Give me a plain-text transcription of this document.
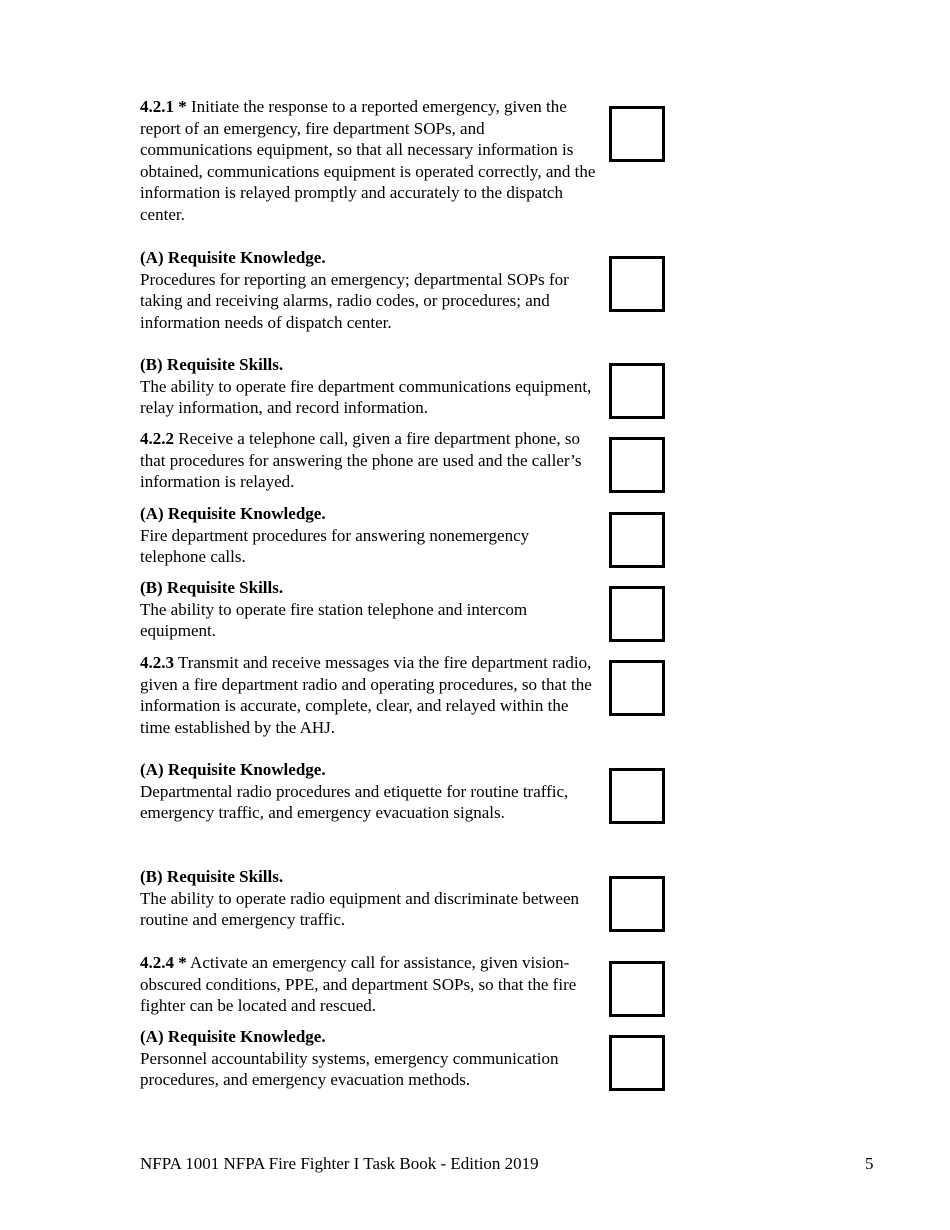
4.2.1 * Initiate the response to a reported emergency, given the report of an emergency, fire department SOPs, and communications equipment, so that all necessary information is obtained, communications equipment is operated correctly, and the information is relayed promptly and accurately to the dispatch center.

(A) Requisite Knowledge.

Procedures for reporting an emergency; departmental SOPs for taking and receiving alarms, radio codes, or procedures; and information needs of dispatch center.

(B) Requisite Skills.

The ability to operate fire department communications equipment, relay information, and record information.

4.2.2 Receive a telephone call, given a fire department phone, so that procedures for answering the phone are used and the caller’s information is relayed.

(A) Requisite Knowledge.

Fire department procedures for answering nonemergency telephone calls.

(B) Requisite Skills.

The ability to operate fire station telephone and intercom equipment.

4.2.3 Transmit and receive messages via the fire department radio, given a fire department radio and operating procedures, so that the information is accurate, complete, clear, and relayed within the time established by the AHJ.

(A) Requisite Knowledge.

Departmental radio procedures and etiquette for routine traffic, emergency traffic, and emergency evacuation signals.

(B) Requisite Skills.

The ability to operate radio equipment and discriminate between routine and emergency traffic.

4.2.4 * Activate an emergency call for assistance, given vision-obscured conditions, PPE, and department SOPs, so that the fire fighter can be located and rescued.

(A) Requisite Knowledge.

Personnel accountability systems, emergency communication procedures, and emergency evacuation methods.

NFPA 1001 NFPA Fire Fighter I Task Book - Edition 2019	5
